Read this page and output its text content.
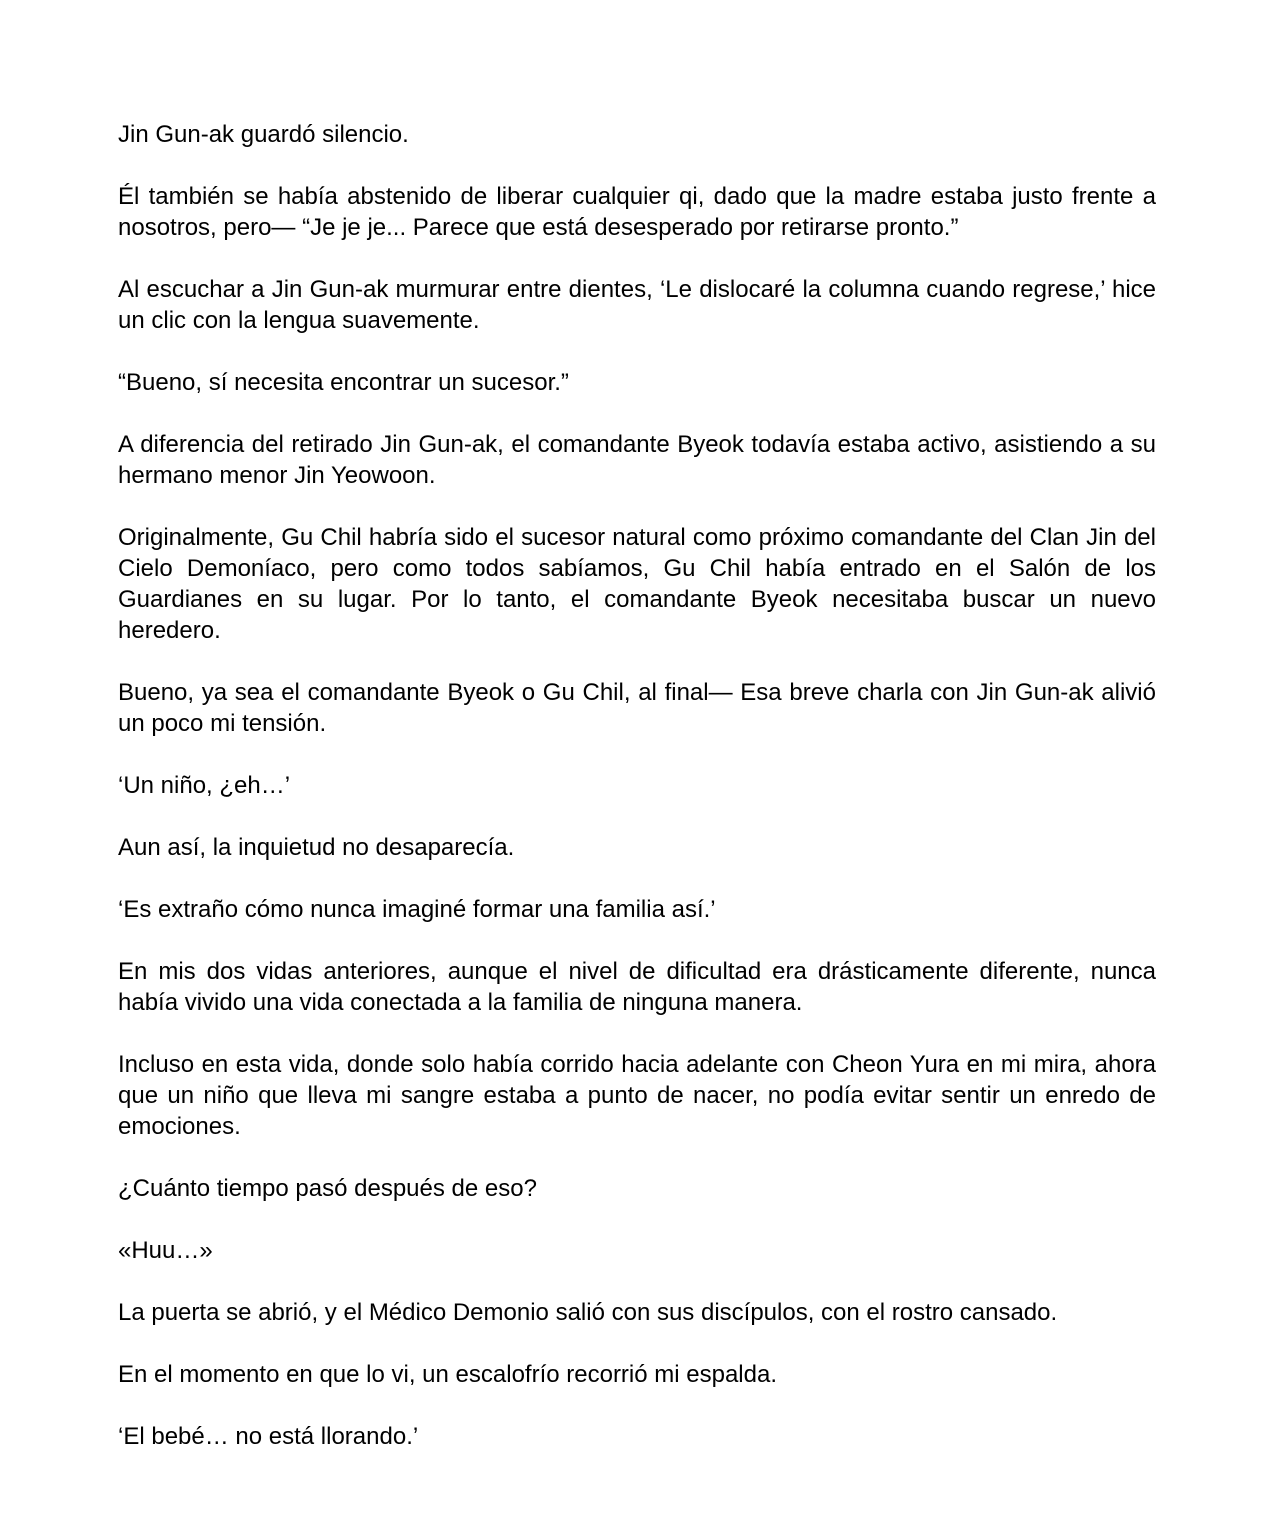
Jin Gun-ak guardó silencio.

Él también se había abstenido de liberar cualquier qi, dado que la madre estaba justo frente a nosotros, pero— “Je je je... Parece que está desesperado por retirarse pronto.”

Al escuchar a Jin Gun-ak murmurar entre dientes, ‘Le dislocaré la columna cuando regrese,’ hice un clic con la lengua suavemente.

“Bueno, sí necesita encontrar un sucesor.”

A diferencia del retirado Jin Gun-ak, el comandante Byeok todavía estaba activo, asistiendo a su hermano menor Jin Yeowoon.

Originalmente, Gu Chil habría sido el sucesor natural como próximo comandante del Clan Jin del Cielo Demoníaco, pero como todos sabíamos, Gu Chil había entrado en el Salón de los Guardianes en su lugar. Por lo tanto, el comandante Byeok necesitaba buscar un nuevo heredero.

Bueno, ya sea el comandante Byeok o Gu Chil, al final— Esa breve charla con Jin Gun-ak alivió un poco mi tensión.

‘Un niño, ¿eh…’

Aun así, la inquietud no desaparecía.

‘Es extraño cómo nunca imaginé formar una familia así.’

En mis dos vidas anteriores, aunque el nivel de dificultad era drásticamente diferente, nunca había vivido una vida conectada a la familia de ninguna manera.

Incluso en esta vida, donde solo había corrido hacia adelante con Cheon Yura en mi mira, ahora que un niño que lleva mi sangre estaba a punto de nacer, no podía evitar sentir un enredo de emociones.

¿Cuánto tiempo pasó después de eso?

«Huu…»

La puerta se abrió, y el Médico Demonio salió con sus discípulos, con el rostro cansado.

En el momento en que lo vi, un escalofrío recorrió mi espalda.

‘El bebé… no está llorando.’
